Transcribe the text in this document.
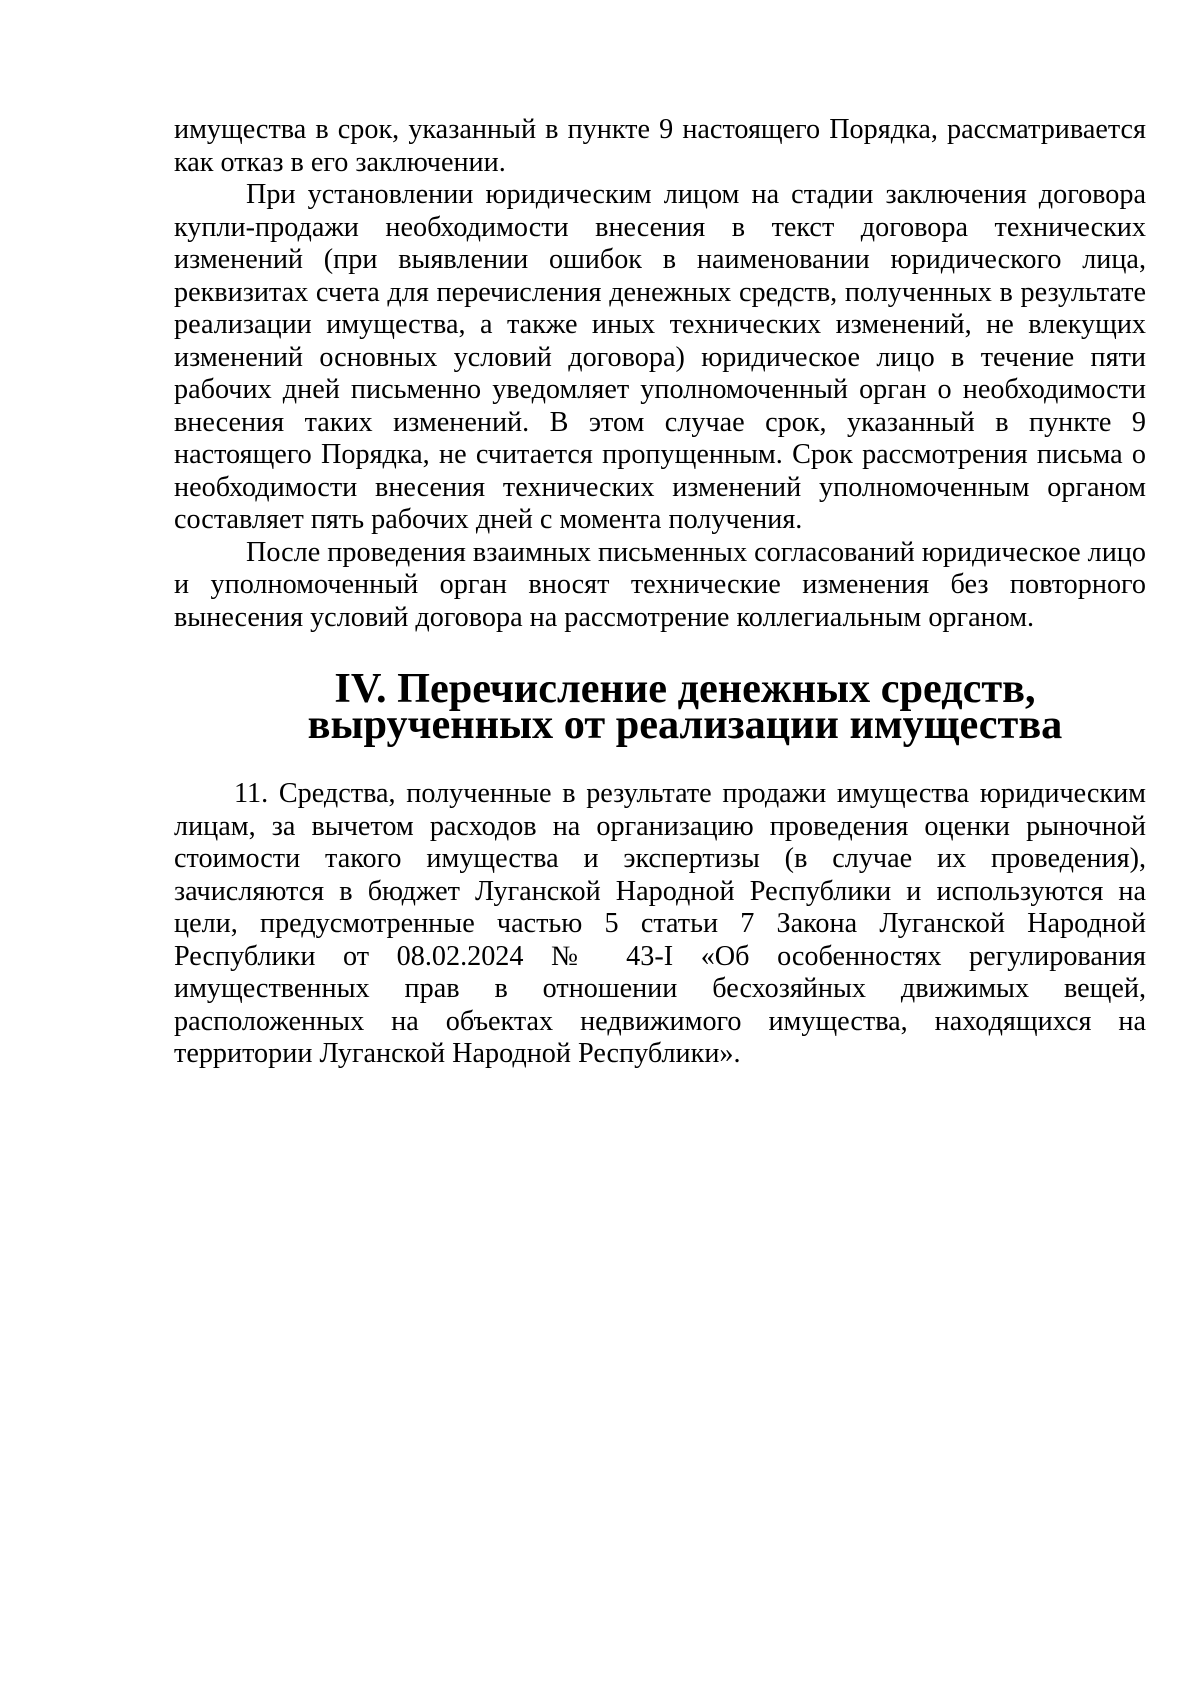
имущества в срок, указанный в пункте 9 настоящего Порядка, рассматривается как отказ в его заключении.

При установлении юридическим лицом на стадии заключения договора купли-продажи необходимости внесения в текст договора технических изменений (при выявлении ошибок в наименовании юридического лица, реквизитах счета для перечисления денежных средств, полученных в результате реализации имущества, а также иных технических изменений, не влекущих изменений основных условий договора) юридическое лицо в течение пяти рабочих дней письменно уведомляет уполномоченный орган о необходимости внесения таких изменений. В этом случае срок, указанный в пункте 9 настоящего Порядка, не считается пропущенным. Срок рассмотрения письма о необходимости внесения технических изменений уполномоченным органом составляет пять рабочих дней с момента получения.

После проведения взаимных письменных согласований юридическое лицо и уполномоченный орган вносят технические изменения без повторного вынесения условий договора на рассмотрение коллегиальным органом.

IV. Перечисление денежных средств, вырученных от реализации имущества

11. Средства, полученные в результате продажи имущества юридическим лицам, за вычетом расходов на организацию проведения оценки рыночной стоимости такого имущества и экспертизы (в случае их проведения), зачисляются в бюджет Луганской Народной Республики и используются на цели, предусмотренные частью 5 статьи 7 Закона Луганской Народной Республики от 08.02.2024 № 43-I «Об особенностях регулирования имущественных прав в отношении бесхозяйных движимых вещей, расположенных на объектах недвижимого имущества, находящихся на территории Луганской Народной Республики».
